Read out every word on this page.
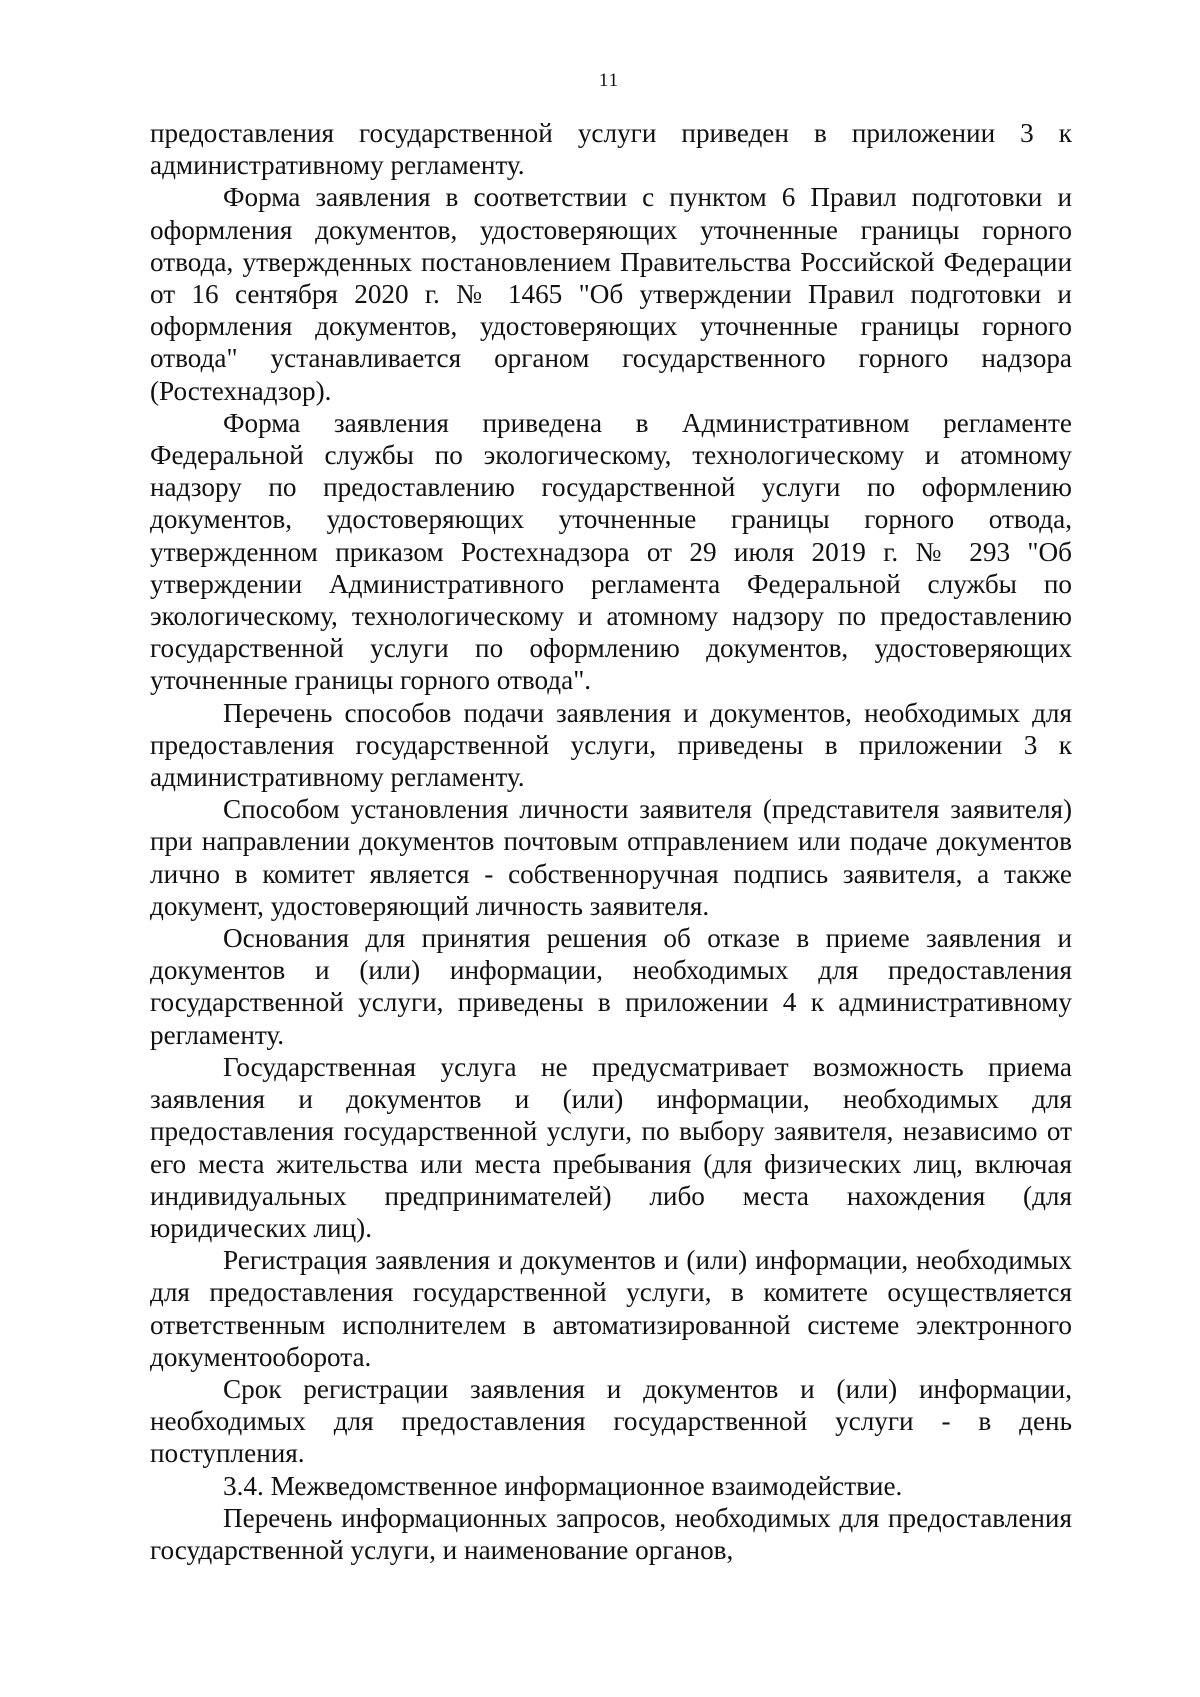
11

предоставления государственной услуги приведен в приложении 3 к административному регламенту.

Форма заявления в соответствии с пунктом 6 Правил подготовки и оформления документов, удостоверяющих уточненные границы горного отвода, утвержденных постановлением Правительства Российской Федерации от 16 сентября 2020 г. № 1465 "Об утверждении Правил подготовки и оформления документов, удостоверяющих уточненные границы горного отвода" устанавливается органом государственного горного надзора (Ростехнадзор).

Форма заявления приведена в Административном регламенте Федеральной службы по экологическому, технологическому и атомному надзору по предоставлению государственной услуги по оформлению документов, удостоверяющих уточненные границы горного отвода, утвержденном приказом Ростехнадзора от 29 июля 2019 г. № 293 "Об утверждении Административного регламента Федеральной службы по экологическому, технологическому и атомному надзору по предоставлению государственной услуги по оформлению документов, удостоверяющих уточненные границы горного отвода".

Перечень способов подачи заявления и документов, необходимых для предоставления государственной услуги, приведены в приложении 3 к административному регламенту.

Способом установления личности заявителя (представителя заявителя) при направлении документов почтовым отправлением или подаче документов лично в комитет является - собственноручная подпись заявителя, а также документ, удостоверяющий личность заявителя.

Основания для принятия решения об отказе в приеме заявления и документов и (или) информации, необходимых для предоставления государственной услуги, приведены в приложении 4 к административному регламенту.

Государственная услуга не предусматривает возможность приема заявления и документов и (или) информации, необходимых для предоставления государственной услуги, по выбору заявителя, независимо от его места жительства или места пребывания (для физических лиц, включая индивидуальных предпринимателей) либо места нахождения (для юридических лиц).

Регистрация заявления и документов и (или) информации, необходимых для предоставления государственной услуги, в комитете осуществляется ответственным исполнителем в автоматизированной системе электронного документооборота.

Срок регистрации заявления и документов и (или) информации, необходимых для предоставления государственной услуги - в день поступления.

3.4. Межведомственное информационное взаимодействие.

Перечень информационных запросов, необходимых для предоставления государственной услуги, и наименование органов,
